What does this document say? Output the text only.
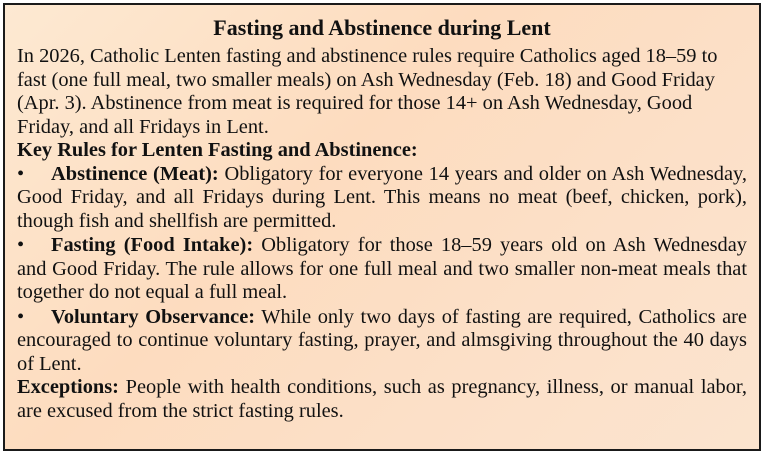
Fasting and Abstinence during Lent

In 2026, Catholic Lenten fasting and abstinence rules require Catholics aged 18–59 to fast (one full meal, two smaller meals) on Ash Wednesday (Feb. 18) and Good Friday (Apr. 3). Abstinence from meat is required for those 14+ on Ash Wednesday, Good Friday, and all Fridays in Lent.

Key Rules for Lenten Fasting and Abstinence:

• Abstinence (Meat): Obligatory for everyone 14 years and older on Ash Wednesday, Good Friday, and all Fridays during Lent. This means no meat (beef, chicken, pork), though fish and shellfish are permitted.

• Fasting (Food Intake): Obligatory for those 18–59 years old on Ash Wednesday and Good Friday. The rule allows for one full meal and two smaller non-meat meals that together do not equal a full meal.

• Voluntary Observance: While only two days of fasting are required, Catholics are encouraged to continue voluntary fasting, prayer, and almsgiving throughout the 40 days of Lent.

Exceptions: People with health conditions, such as pregnancy, illness, or manual labor, are excused from the strict fasting rules.
